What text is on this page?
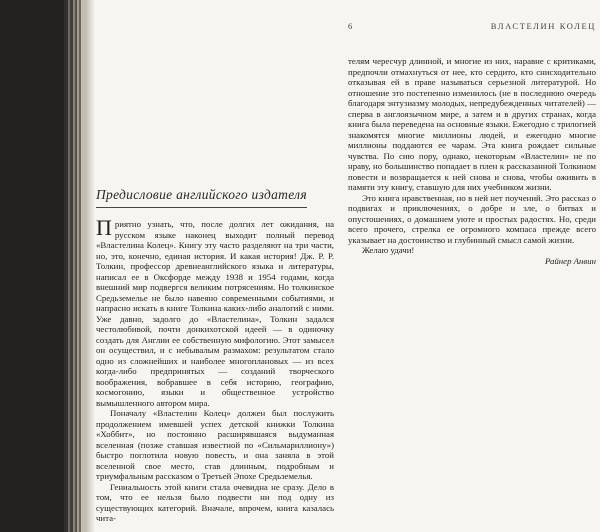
6	ВЛАСТЕЛИН КОЛЕЦ
Предисловие английского издателя

Приятно узнать, что, после долгих лет ожидания, на русском языке наконец выходит полный перевод «Властелина Колец». Книгу эту часто разделяют на три части, но, это, конечно, единая история. И какая история! Дж. Р. Р. Толкин, профессор древнеанглийского языка и литературы, написал ее в Оксфорде между 1938 и 1954 годами, когда внешний мир подвергся великим потрясениям. Но толкинское Средьземелье не было навеяно современными событиями, и напрасно искать в книге Толкина каких-либо аналогий с ними. Уже давно, задолго до «Властелина», Толкин задался честолюбивой, почти донкихотской идеей — в одиночку создать для Англии ее собственную мифологию. Этот замысел он осуществил, и с небывалым размахом: результатом стало одно из сложнейших и наиболее многоплановых — из всех когда-либо предпринятых — созданий творческого воображения, вобравшее в себя историю, географию, космогонию, языки и общественное устройство вымышленного автором мира.

Поначалу «Властелин Колец» должен был послужить продолжением имевшей успех детской книжки Толкина «Хоббит», но постоянно расширявшаяся выдуманная вселенная (позже ставшая известной по «Сильмариллиону») быстро поглотила новую повесть, и она заняла в этой вселенной свое место, став длинным, подробным и триумфальным рассказом о Третьей Эпохе Средьземелья.

Гениальность этой книги стала очевидна не сразу. Дело в том, что ее нельзя было подвести ни под одну из существующих категорий. Вначале, впрочем, книга казалась чита-

телям чересчур длинной, и многие из них, наравне с критиками, предпочли отмахнуться от нее, кто сердито, кто снисходительно отказывая ей в праве называться серьезной литературой. Но отношение это постепенно изменилось (не в последнюю очередь благодаря энтузиазму молодых, непредубежденных читателей) — сперва в англоязычном мире, а затем и в других странах, когда книга была переведена на основные языки. Ежегодно с трилогией знакомятся многие миллионы людей, и ежегодно многие миллионы поддаются ее чарам. Эта книга рождает сильные чувства. По сию пору, однако, некоторым «Властелин» не по нраву, но большинство попадает в плен к рассказанной Толкином повести и возвращается к ней снова и снова, чтобы оживить в памяти эту книгу, ставшую для них учебником жизни.

Это книга нравственная, но в ней нет поучений. Это рассказ о подвигах и приключениях, о добре и зле, о битвах и опустошениях, о домашнем уюте и простых радостях. Но, среди всего прочего, стрелка ее огромного компаса прежде всего указывает на достоинство и глубинный смысл самой жизни.

Желаю удачи!

Райнер Анвин
